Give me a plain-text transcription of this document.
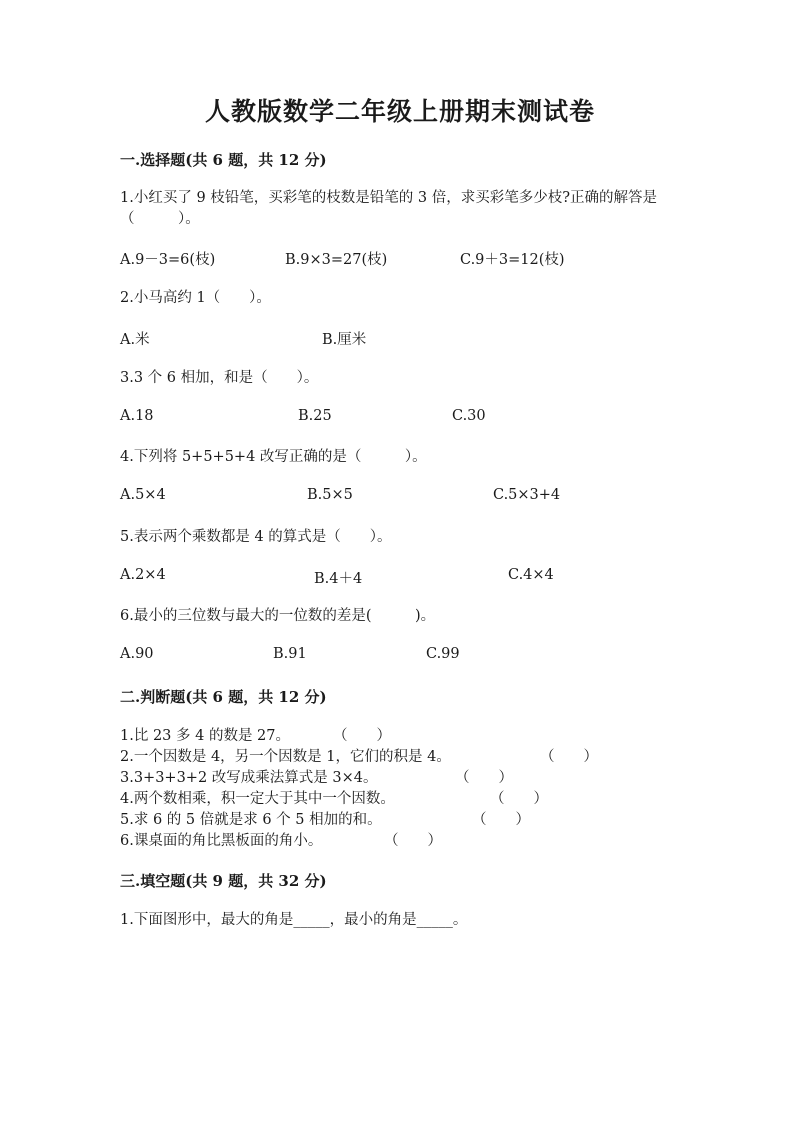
人教版数学二年级上册期末测试卷
一.选择题(共 6 题，共 12 分)
1.小红买了 9 枝铅笔，买彩笔的枝数是铅笔的 3 倍，求买彩笔多少枝?正确的解答是（　　　）。
A.9－3=6(枝)	B.9×3=27(枝)	C.9＋3=12(枝)
2.小马高约 1（　　）。
A.米	B.厘米
3.3 个 6 相加，和是（　　）。
A.18	B.25	C.30
4.下列将 5+5+5+4 改写正确的是（　　　）。
A.5×4	B.5×5	C.5×3+4
5.表示两个乘数都是 4 的算式是（　　）。
A.2×4	B.4＋4	C.4×4
6.最小的三位数与最大的一位数的差是(　　　)。
A.90	B.91	C.99
二.判断题(共 6 题，共 12 分)
1.比 23 多 4 的数是 27。	（　　）
2.一个因数是 4，另一个因数是 1，它们的积是 4。	（　　）
3.3+3+3+2 改写成乘法算式是 3×4。	（　　）
4.两个数相乘，积一定大于其中一个因数。	（　　）
5.求 6 的 5 倍就是求 6 个 5 相加的和。	（　　）
6.课桌面的角比黑板面的角小。	（　　）
三.填空题(共 9 题，共 32 分)
1.下面图形中，最大的角是_____，最小的角是_____。
